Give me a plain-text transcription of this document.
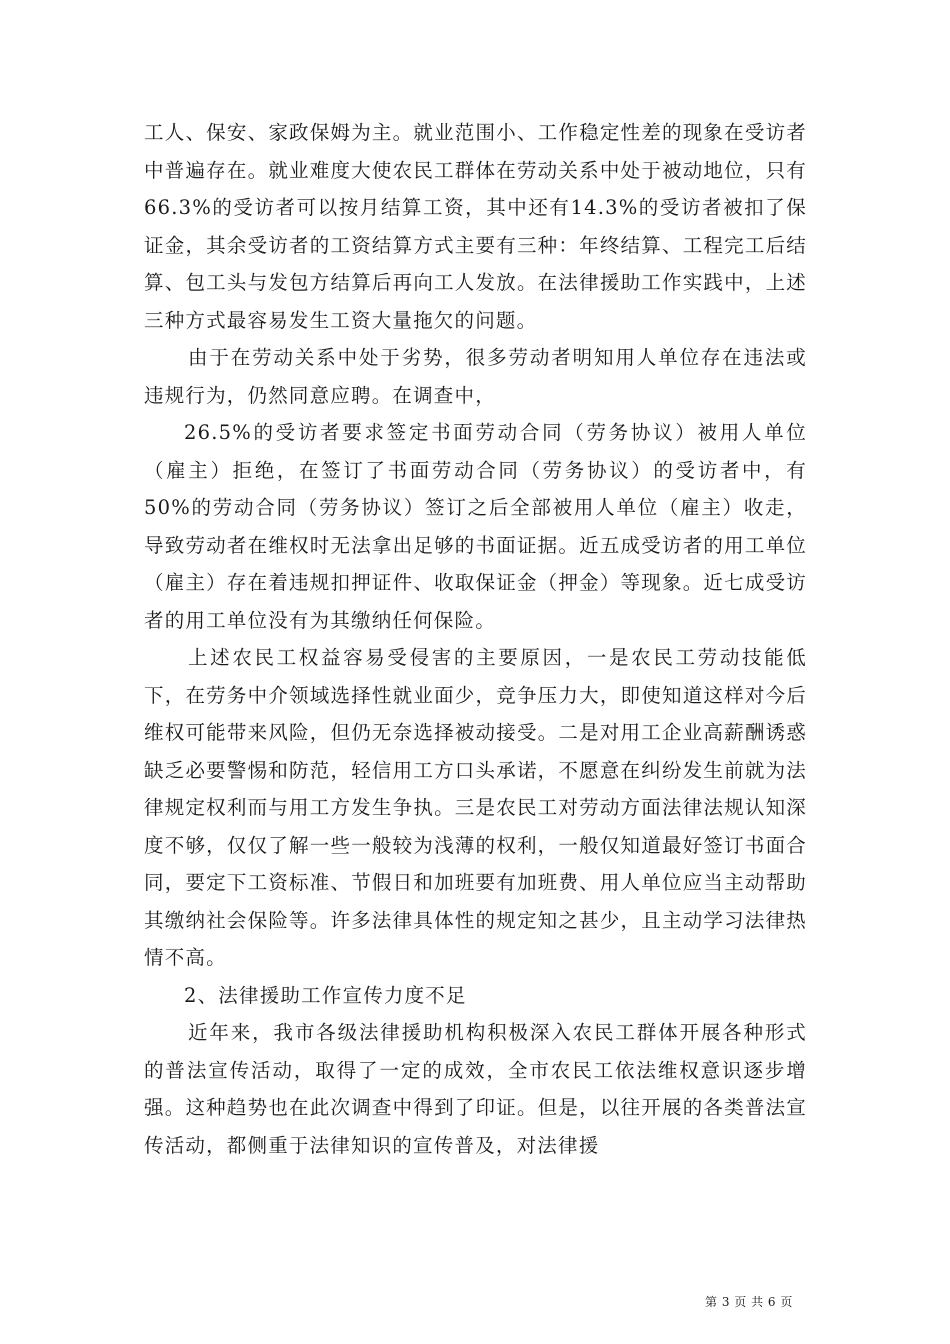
工人、保安、家政保姆为主。就业范围小、工作稳定性差的现象在受访者中普遍存在。就业难度大使农民工群体在劳动关系中处于被动地位，只有66.3%的受访者可以按月结算工资，其中还有14.3%的受访者被扣了保证金，其余受访者的工资结算方式主要有三种：年终结算、工程完工后结算、包工头与发包方结算后再向工人发放。在法律援助工作实践中，上述三种方式最容易发生工资大量拖欠的问题。

由于在劳动关系中处于劣势，很多劳动者明知用人单位存在违法或违规行为，仍然同意应聘。在调查中，

26.5%的受访者要求签定书面劳动合同（劳务协议）被用人单位（雇主）拒绝，在签订了书面劳动合同（劳务协议）的受访者中，有50%的劳动合同（劳务协议）签订之后全部被用人单位（雇主）收走，导致劳动者在维权时无法拿出足够的书面证据。近五成受访者的用工单位（雇主）存在着违规扣押证件、收取保证金（押金）等现象。近七成受访者的用工单位没有为其缴纳任何保险。

上述农民工权益容易受侵害的主要原因，一是农民工劳动技能低下，在劳务中介领域选择性就业面少，竞争压力大，即使知道这样对今后维权可能带来风险，但仍无奈选择被动接受。二是对用工企业高薪酬诱惑缺乏必要警惕和防范，轻信用工方口头承诺，不愿意在纠纷发生前就为法律规定权利而与用工方发生争执。三是农民工对劳动方面法律法规认知深度不够，仅仅了解一些一般较为浅薄的权利，一般仅知道最好签订书面合同，要定下工资标准、节假日和加班要有加班费、用人单位应当主动帮助其缴纳社会保险等。许多法律具体性的规定知之甚少，且主动学习法律热情不高。

2、法律援助工作宣传力度不足

近年来，我市各级法律援助机构积极深入农民工群体开展各种形式的普法宣传活动，取得了一定的成效，全市农民工依法维权意识逐步增强。这种趋势也在此次调查中得到了印证。但是，以往开展的各类普法宣传活动，都侧重于法律知识的宣传普及，对法律援

第 3 页 共 6 页
